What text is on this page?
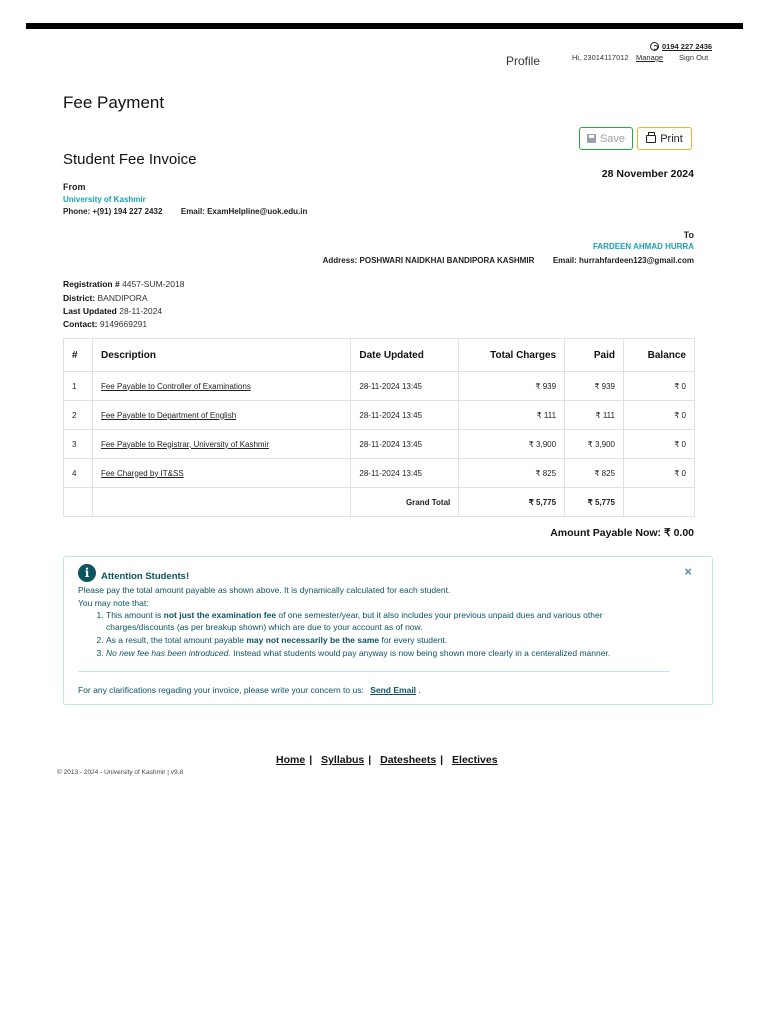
0194 227 2436
Profile	Hi, 23014117012 Manage Sign Out
Fee Payment
Save	Print
Student Fee Invoice
28 November 2024
From
University of Kashmir
Phone: +(91) 194 227 2432 Email: ExamHelpline@uok.edu.in
To
FARDEEN AHMAD HURRA
Address: POSHWARI NAIDKHAI BANDIPORA KASHMIR Email: hurrahfardeen123@gmail.com
Registration # 4457-SUM-2018
District: BANDIPORA
Last Updated 28-11-2024
Contact: 9149669291
#	Description	Date Updated	Total Charges	Paid	Balance
1	Fee Payable to Controller of Examinations	28-11-2024 13:45	₹ 939	₹ 939	₹ 0
2	Fee Payable to Department of English	28-11-2024 13:45	₹ 111	₹ 111	₹ 0
3	Fee Payable to Registrar, University of Kashmir	28-11-2024 13:45	₹ 3,900	₹ 3,900	₹ 0
4	Fee Charged by IT&SS	28-11-2024 13:45	₹ 825	₹ 825	₹ 0
		Grand Total	₹ 5,775	₹ 5,775	
Amount Payable Now: ₹ 0.00
i	×
Attention Students!

Please pay the total amount payable as shown above. It is dynamically calculated for each student.

You may note that:

1. This amount is not just the examination fee of one semester/year, but it also includes your previous unpaid dues and various other charges/discounts (as per breakup shown) which are due to your account as of now.
2. As a result, the total amount payable may not necessarily be the same for every student.
3. No new fee has been introduced. Instead what students would pay anyway is now being shown more clearly in a centeralized manner.

For any clarifications regading your invoice, please write your concern to us: Send Email .

Home | Syllabus | Datesheets | Electives
© 2013 - 2024 - University of Kashmir | v9.8
